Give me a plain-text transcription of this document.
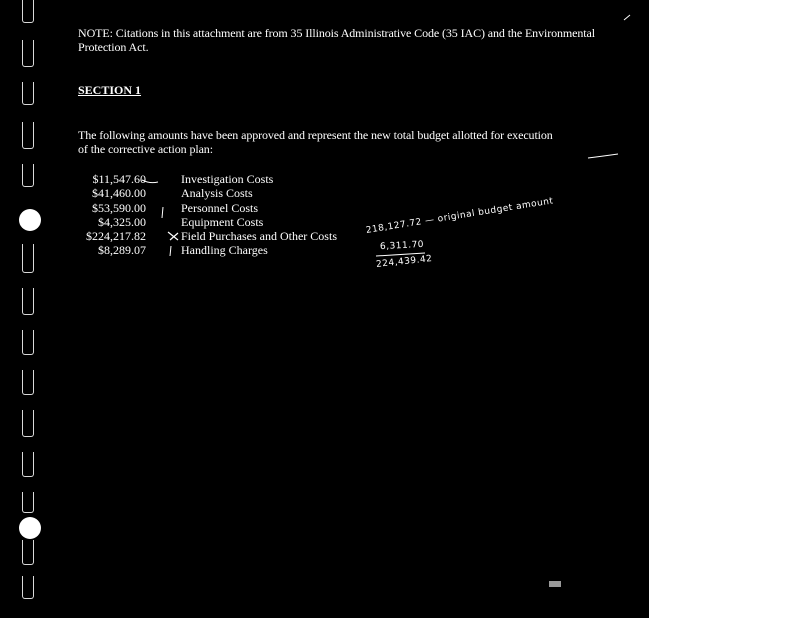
NOTE: Citations in this attachment are from 35 Illinois Administrative Code (35 IAC) and the Environmental Protection Act.
SECTION 1
The following amounts have been approved and represent the new total budget allotted for execution of the corrective action plan:
$11,547.60	Investigation Costs
$41,460.00	Analysis Costs
$53,590.00	Personnel Costs
$4,325.00	Equipment Costs
$224,217.82	Field Purchases and Other Costs
$8,289.07	Handling Charges
218,127.72 — original budget amount
6,311.70
224,439.42
